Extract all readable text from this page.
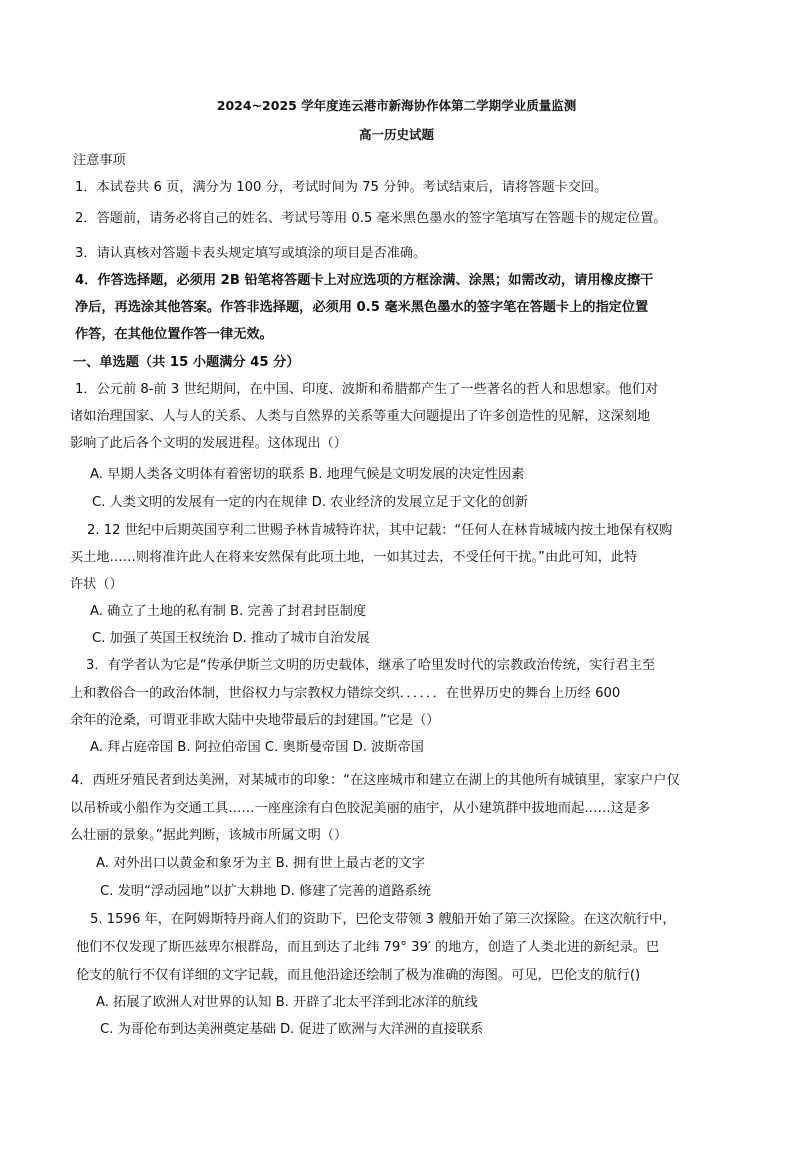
2024~2025 学年度连云港市新海协作体第二学期学业质量监测
高一历史试题
注意事项
1．本试卷共 6 页，满分为 100 分，考试时间为 75 分钟。考试结束后，请将答题卡交回。
2．答题前，请务必将自己的姓名、考试号等用 0.5 毫米黑色墨水的签字笔填写在答题卡的规定位置。
3．请认真核对答题卡表头规定填写或填涂的项目是否准确。
4．作答选择题，必须用 2B 铅笔将答题卡上对应选项的方框涂满、涂黑；如需改动，请用橡皮擦干
净后，再选涂其他答案。作答非选择题，必须用 0.5 毫米黑色墨水的签字笔在答题卡上的指定位置
作答，在其他位置作答一律无效。
一、单选题（共 15 小题满分 45 分）
1．公元前 8-前 3 世纪期间，在中国、印度、波斯和希腊都产生了一些著名的哲人和思想家。他们对
诸如治理国家、人与人的关系、人类与自然界的关系等重大问题提出了许多创造性的见解，这深刻地
影响了此后各个文明的发展进程。这体现出（）
A. 早期人类各文明体有着密切的联系 B. 地理气候是文明发展的决定性因素
C. 人类文明的发展有一定的内在规律 D. 农业经济的发展立足于文化的创新
2. 12 世纪中后期英国亨利二世赐予林肯城特许状，其中记载：“任何人在林肯城城内按土地保有权购
买土地……则将准许此人在将来安然保有此项土地，一如其过去，不受任何干扰。”由此可知，此特
许状（）
A. 确立了土地的私有制 B. 完善了封君封臣制度
C. 加强了英国王权统治 D. 推动了城市自治发展
3．有学者认为它是“传承伊斯兰文明的历史载体，继承了哈里发时代的宗教政治传统，实行君主至
上和教俗合一的政治体制，世俗权力与宗教权力错综交织．．．．．．在世界历史的舞台上历经 600
余年的沧桑，可谓亚非欧大陆中央地带最后的封建国。”它是（）
A. 拜占庭帝国 B. 阿拉伯帝国 C. 奥斯曼帝国 D. 波斯帝国
4．西班牙殖民者到达美洲，对某城市的印象：“在这座城市和建立在湖上的其他所有城镇里，家家户户仅
以吊桥或小船作为交通工具……一座座涂有白色胶泥美丽的庙宇，从小建筑群中拔地而起……这是多
么壮丽的景象。”据此判断，该城市所属文明（）
A. 对外出口以黄金和象牙为主 B. 拥有世上最古老的文字
C. 发明“浮动园地”以扩大耕地 D. 修建了完善的道路系统
5. 1596 年，在阿姆斯特丹商人们的资助下，巴伦支带领 3 艘船开始了第三次探险。在这次航行中，
他们不仅发现了斯匹兹卑尔根群岛，而且到达了北纬 79° 39′ 的地方，创造了人类北进的新纪录。巴
伦支的航行不仅有详细的文字记载，而且他沿途还绘制了极为准确的海图。可见，巴伦支的航行()
A. 拓展了欧洲人对世界的认知 B. 开辟了北太平洋到北冰洋的航线
C. 为哥伦布到达美洲奠定基础 D. 促进了欧洲与大洋洲的直接联系
